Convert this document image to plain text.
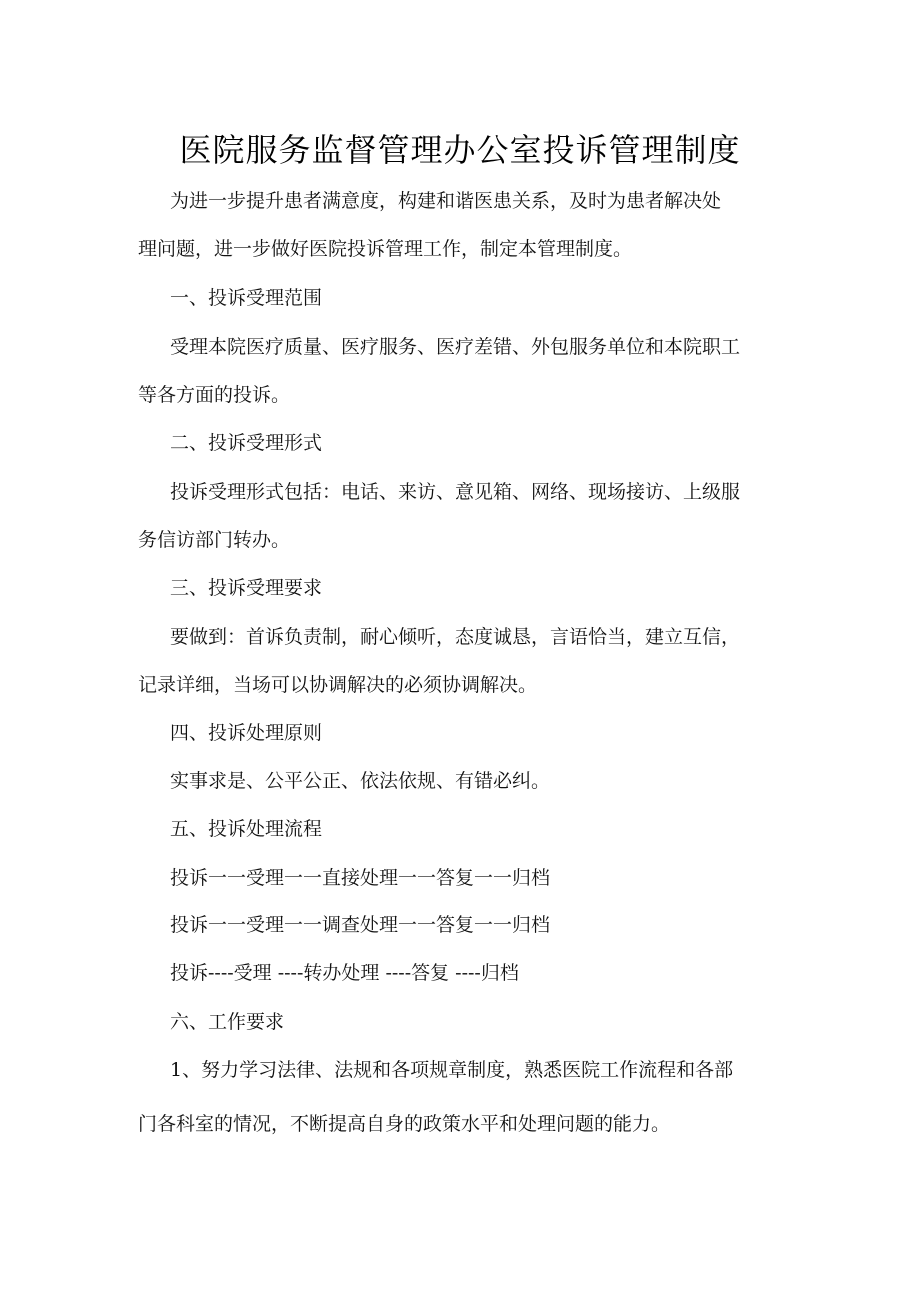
医院服务监督管理办公室投诉管理制度

为进一步提升患者满意度，构建和谐医患关系，及时为患者解决处

理问题，进一步做好医院投诉管理工作，制定本管理制度。

一、投诉受理范围

受理本院医疗质量、医疗服务、医疗差错、外包服务单位和本院职工

等各方面的投诉。

二、投诉受理形式

投诉受理形式包括：电话、来访、意见箱、网络、现场接访、上级服

务信访部门转办。

三、投诉受理要求

要做到：首诉负责制，耐心倾听，态度诚恳，言语恰当，建立互信，

记录详细，当场可以协调解决的必须协调解决。

四、投诉处理原则

实事求是、公平公正、依法依规、有错必纠。

五、投诉处理流程

投诉一一受理一一直接处理一一答复一一归档

投诉一一受理一一调查处理一一答复一一归档

投诉----受理 ----转办处理 ----答复 ----归档

六、工作要求

1、努力学习法律、法规和各项规章制度，熟悉医院工作流程和各部

门各科室的情况，不断提高自身的政策水平和处理问题的能力。
